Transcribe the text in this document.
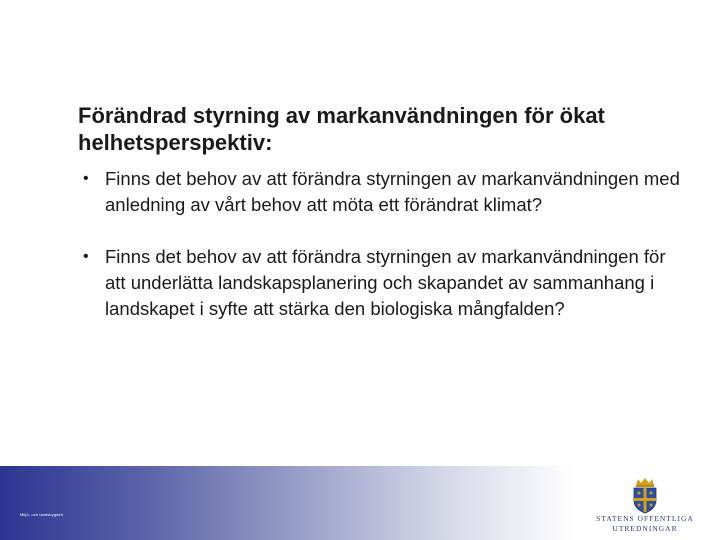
Förändrad styrning av markanvändningen för ökat helhetsperspektiv:
• Finns det behov av att förändra styrningen av markanvändningen med anledning av vårt behov att möta ett förändrat klimat?
• Finns det behov av att förändra styrningen av markanvändningen för att underlätta landskapsplanering och skapandet av sammanhang i landskapet i syfte att stärka den biologiska mångfalden?
Miljö- och landsbygden	STATENS OFFENTLIGA
UTREDNINGAR
